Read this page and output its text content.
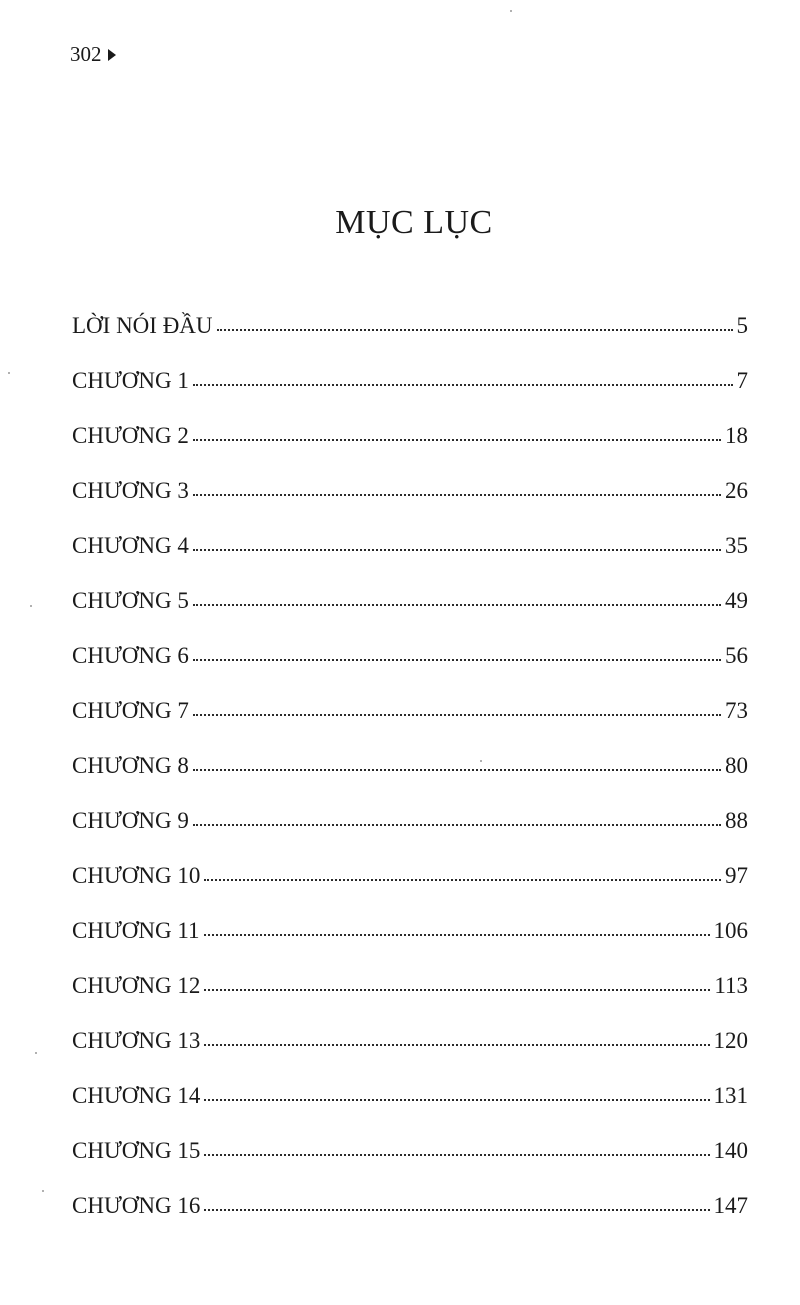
302
MỤC LỤC
LỜI NÓI ĐẦU	5
CHƯƠNG 1	7
CHƯƠNG 2	18
CHƯƠNG 3	26
CHƯƠNG 4	35
CHƯƠNG 5	49
CHƯƠNG 6	56
CHƯƠNG 7	73
CHƯƠNG 8	80
CHƯƠNG 9	88
CHƯƠNG 10	97
CHƯƠNG 11	106
CHƯƠNG 12	113
CHƯƠNG 13	120
CHƯƠNG 14	131
CHƯƠNG 15	140
CHƯƠNG 16	147
